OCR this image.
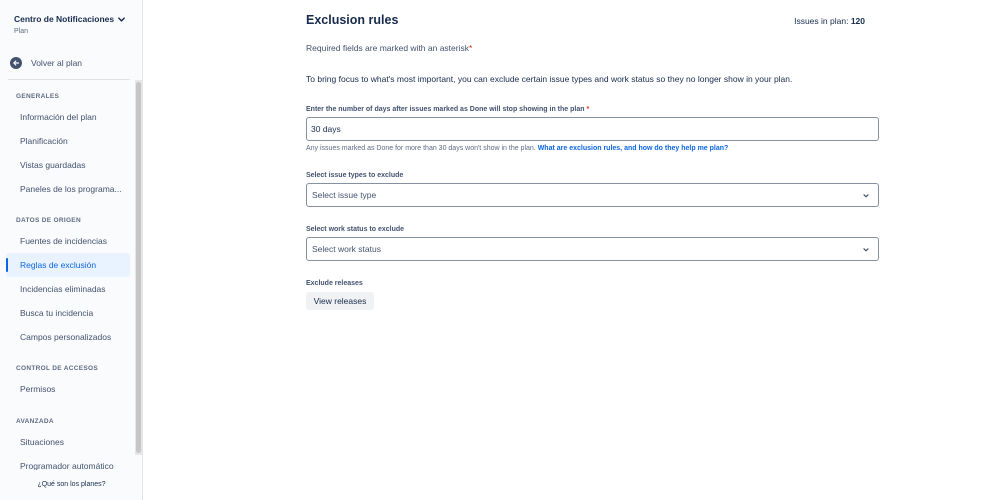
Centro de Notificaciones
Plan
Volver al plan
GENERALES
Información del plan
Planificación
Vistas guardadas
Paneles de los programa...
DATOS DE ORIGEN
Fuentes de incidencias
Reglas de exclusión
Incidencias eliminadas
Busca tu incidencia
Campos personalizados
CONTROL DE ACCESOS
Permisos
AVANZADA
Situaciones
Programador automático
¿Qué son los planes?
Exclusion rules	Issues in plan: 120

Required fields are marked with an asterisk*

To bring focus to what's most important, you can exclude certain issue types and work status so they no longer show in your plan.

Enter the number of days after issues marked as Done will stop showing in the plan *
30 days

Any issues marked as Done for more than 30 days won't show in the plan. What are exclusion rules, and how do they help me plan?

Select issue types to exclude
Select issue type
Select work status to exclude
Select work status
Exclude releases
View releases
